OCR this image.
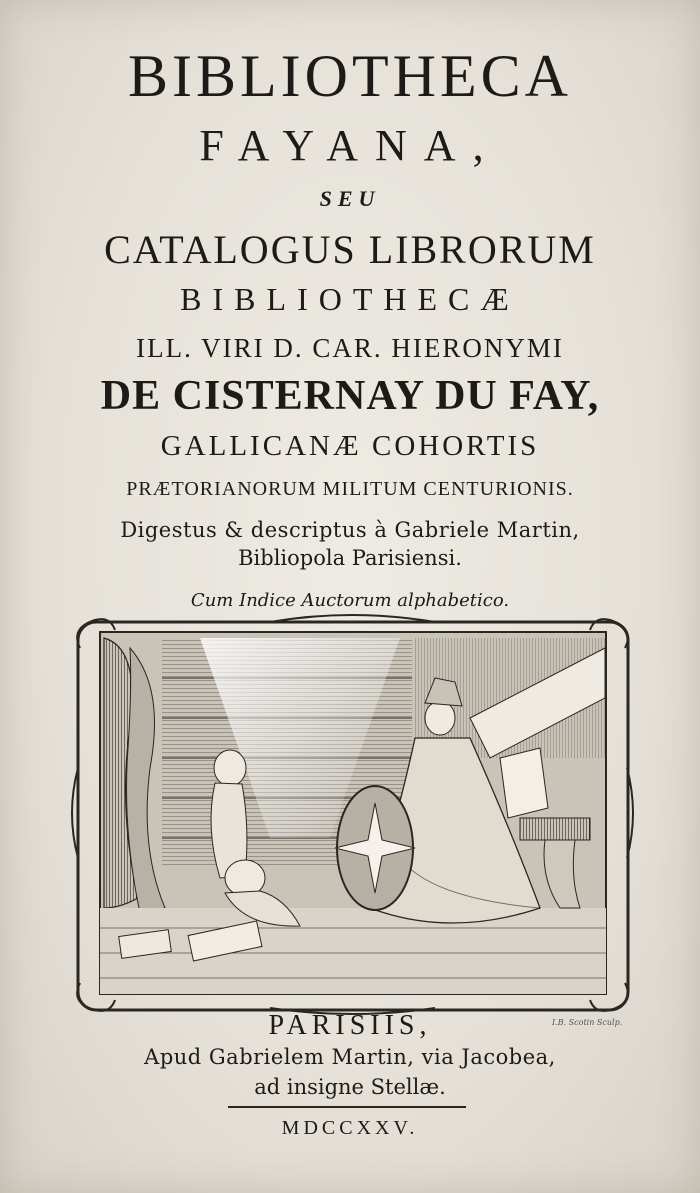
BIBLIOTHECA
FAYANA,
SEU
CATALOGUS LIBRORUM
BIBLIOTHECÆ
ILL. VIRI D. CAR. HIERONYMI
DE CISTERNAY DU FAY,
GALLICANÆ COHORTIS
PRÆTORIANORUM MILITUM CENTURIONIS.
Digestus & descriptus à Gabriele Martin,
Bibliopola Parisiensi.
Cum Indice Auctorum alphabetico.
I.B. Scotin Sculp.
PARISIIS,
Apud Gabrielem Martin, via Jacobea,
ad insigne Stellæ.
MDCCXXV.
